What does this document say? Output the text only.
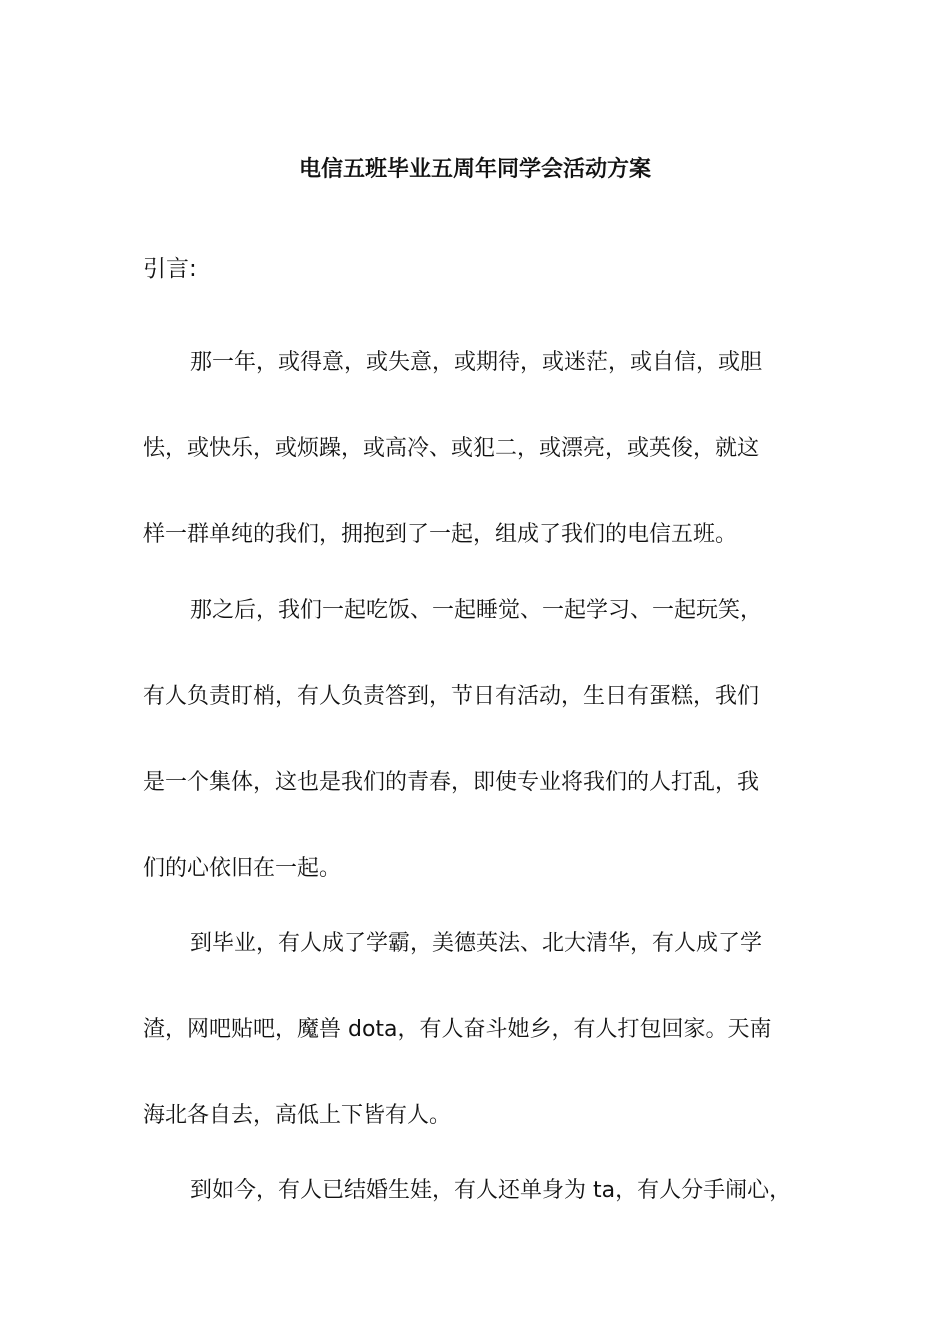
电信五班毕业五周年同学会活动方案
引言:
那一年，或得意，或失意，或期待，或迷茫，或自信，或胆
怯，或快乐，或烦躁，或高冷、或犯二，或漂亮，或英俊，就这
样一群单纯的我们，拥抱到了一起，组成了我们的电信五班。
那之后，我们一起吃饭、一起睡觉、一起学习、一起玩笑，
有人负责盯梢，有人负责答到，节日有活动，生日有蛋糕，我们
是一个集体，这也是我们的青春，即使专业将我们的人打乱，我
们的心依旧在一起。
到毕业，有人成了学霸，美德英法、北大清华，有人成了学
渣，网吧贴吧，魔兽 dota，有人奋斗她乡，有人打包回家。天南
海北各自去，高低上下皆有人。
到如今，有人已结婚生娃，有人还单身为 ta，有人分手闹心，
